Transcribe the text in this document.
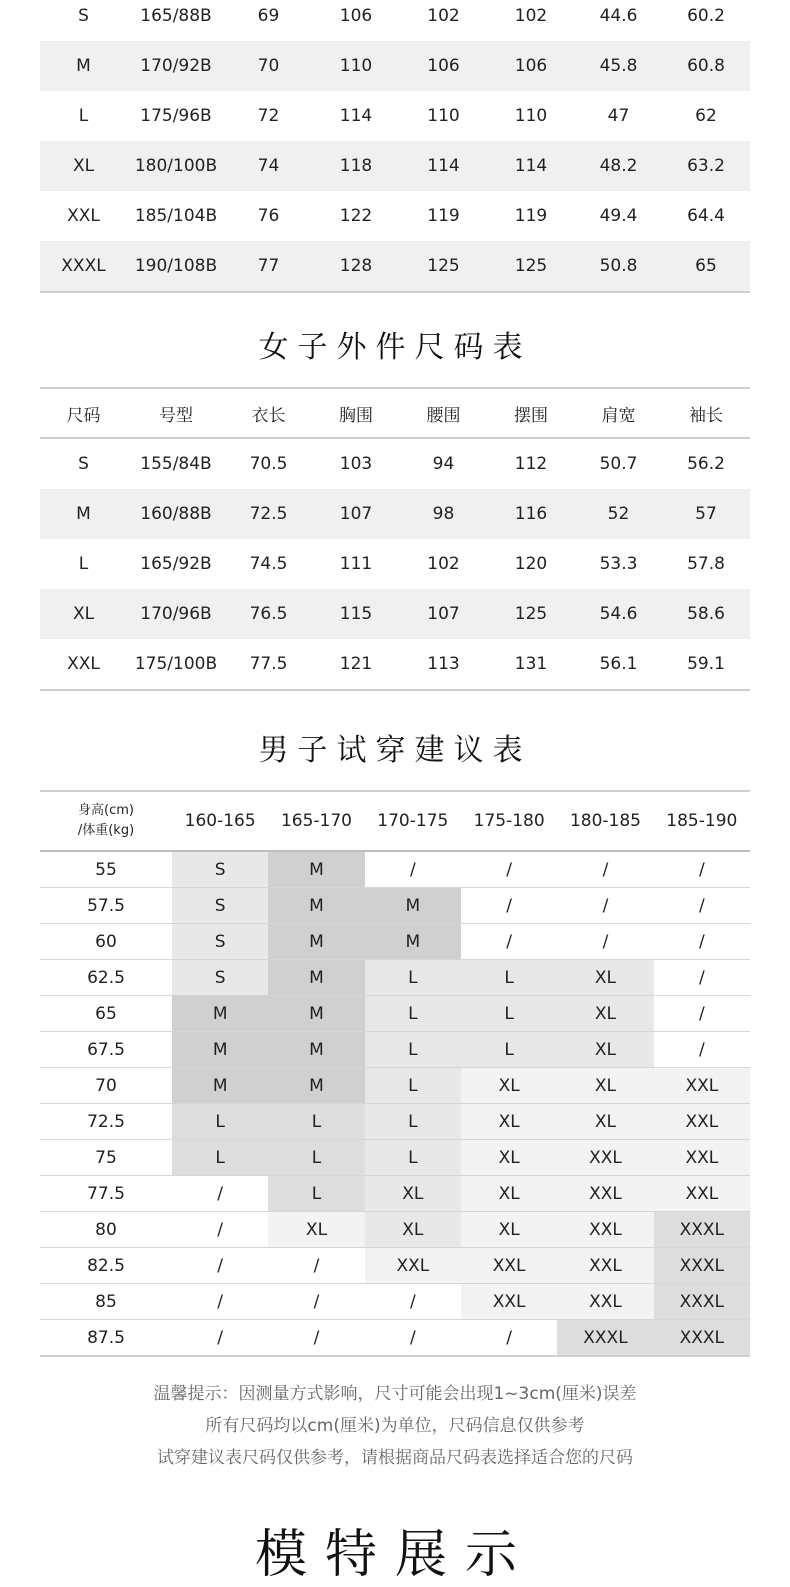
S	165/88B	69	106	102	102	44.6	60.2
M	170/92B	70	110	106	106	45.8	60.8
L	175/96B	72	114	110	110	47	62
XL	180/100B	74	118	114	114	48.2	63.2
XXL	185/104B	76	122	119	119	49.4	64.4
XXXL	190/108B	77	128	125	125	50.8	65
女子外件尺码表
尺码	号型	衣长	胸围	腰围	摆围	肩宽	袖长
S	155/84B	70.5	103	94	112	50.7	56.2
M	160/88B	72.5	107	98	116	52	57
L	165/92B	74.5	111	102	120	53.3	57.8
XL	170/96B	76.5	115	107	125	54.6	58.6
XXL	175/100B	77.5	121	113	131	56.1	59.1
男子试穿建议表
身高(cm)
/体重(kg)	160-165	165-170	170-175	175-180	180-185	185-190
55	S	M	/	/	/	/
57.5	S	M	M	/	/	/
60	S	M	M	/	/	/
62.5	S	M	L	L	XL	/
65	M	M	L	L	XL	/
67.5	M	M	L	L	XL	/
70	M	M	L	XL	XL	XXL
72.5	L	L	L	XL	XL	XXL
75	L	L	L	XL	XXL	XXL
77.5	/	L	XL	XL	XXL	XXL
80	/	XL	XL	XL	XXL	XXXL
82.5	/	/	XXL	XXL	XXL	XXXL
85	/	/	/	XXL	XXL	XXXL
87.5	/	/	/	/	XXXL	XXXL
温馨提示：因测量方式影响，尺寸可能会出现1~3cm(厘米)误差
所有尺码均以cm(厘米)为单位，尺码信息仅供参考
试穿建议表尺码仅供参考，请根据商品尺码表选择适合您的尺码
模特展示
